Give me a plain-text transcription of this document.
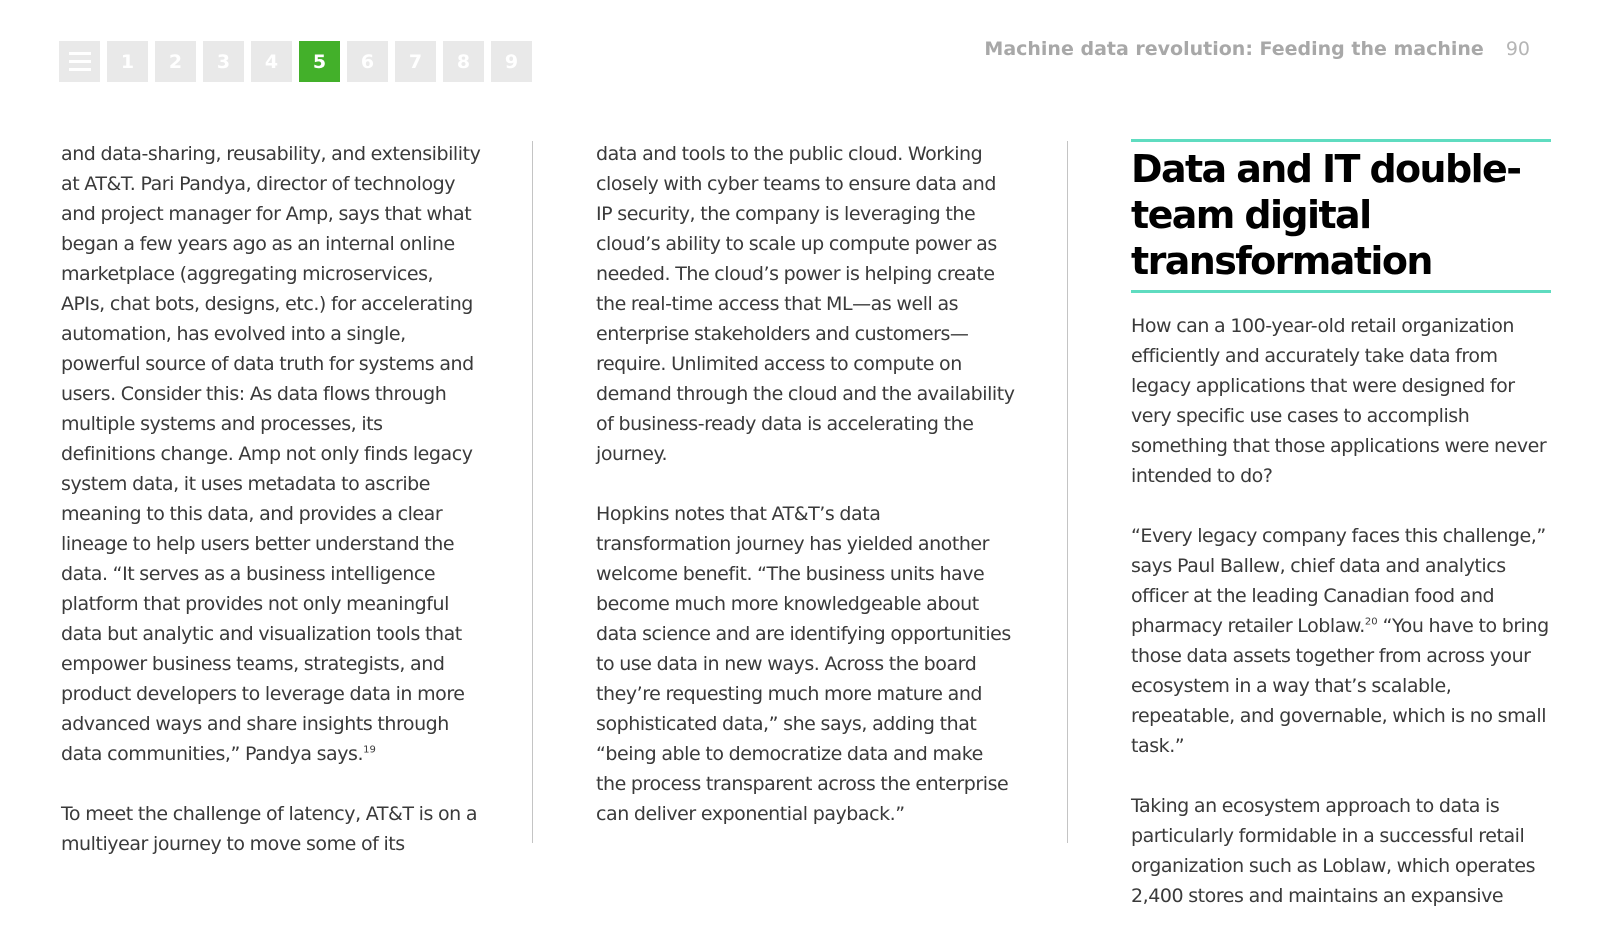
1	2	3	4	5	6	7	8	9
Machine data revolution: Feeding the machine 90

and data-sharing, reusability, and extensibility at AT&T. Pari Pandya, director of technology and project manager for Amp, says that what began a few years ago as an internal online marketplace (aggregating microservices, APIs, chat bots, designs, etc.) for accelerating automation, has evolved into a single, powerful source of data truth for systems and users. Consider this: As data flows through multiple systems and processes, its definitions change. Amp not only finds legacy system data, it uses metadata to ascribe meaning to this data, and provides a clear lineage to help users better understand the data. “It serves as a business intelligence platform that provides not only meaningful data but analytic and visualization tools that empower business teams, strategists, and product developers to leverage data in more advanced ways and share insights through data communities,” Pandya says.$^{19}$

To meet the challenge of latency, AT&T is on a multiyear journey to move some of its

data and tools to the public cloud. Working closely with cyber teams to ensure data and IP security, the company is leveraging the cloud’s ability to scale up compute power as needed. The cloud’s power is helping create the real-time access that ML—as well as enterprise stakeholders and customers—require. Unlimited access to compute on demand through the cloud and the availability of business-ready data is accelerating the journey.

Hopkins notes that AT&T’s data transformation journey has yielded another welcome benefit. “The business units have become much more knowledgeable about data science and are identifying opportunities to use data in new ways. Across the board they’re requesting much more mature and sophisticated data,” she says, adding that “being able to democratize data and make the process transparent across the enterprise can deliver exponential payback.”

Data and IT double-team digital transformation

How can a 100-year-old retail organization efficiently and accurately take data from legacy applications that were designed for very specific use cases to accomplish something that those applications were never intended to do?

“Every legacy company faces this challenge,” says Paul Ballew, chief data and analytics officer at the leading Canadian food and pharmacy retailer Loblaw.$^{20}$ “You have to bring those data assets together from across your ecosystem in a way that’s scalable, repeatable, and governable, which is no small task.”

Taking an ecosystem approach to data is particularly formidable in a successful retail organization such as Loblaw, which operates 2,400 stores and maintains an expansive
